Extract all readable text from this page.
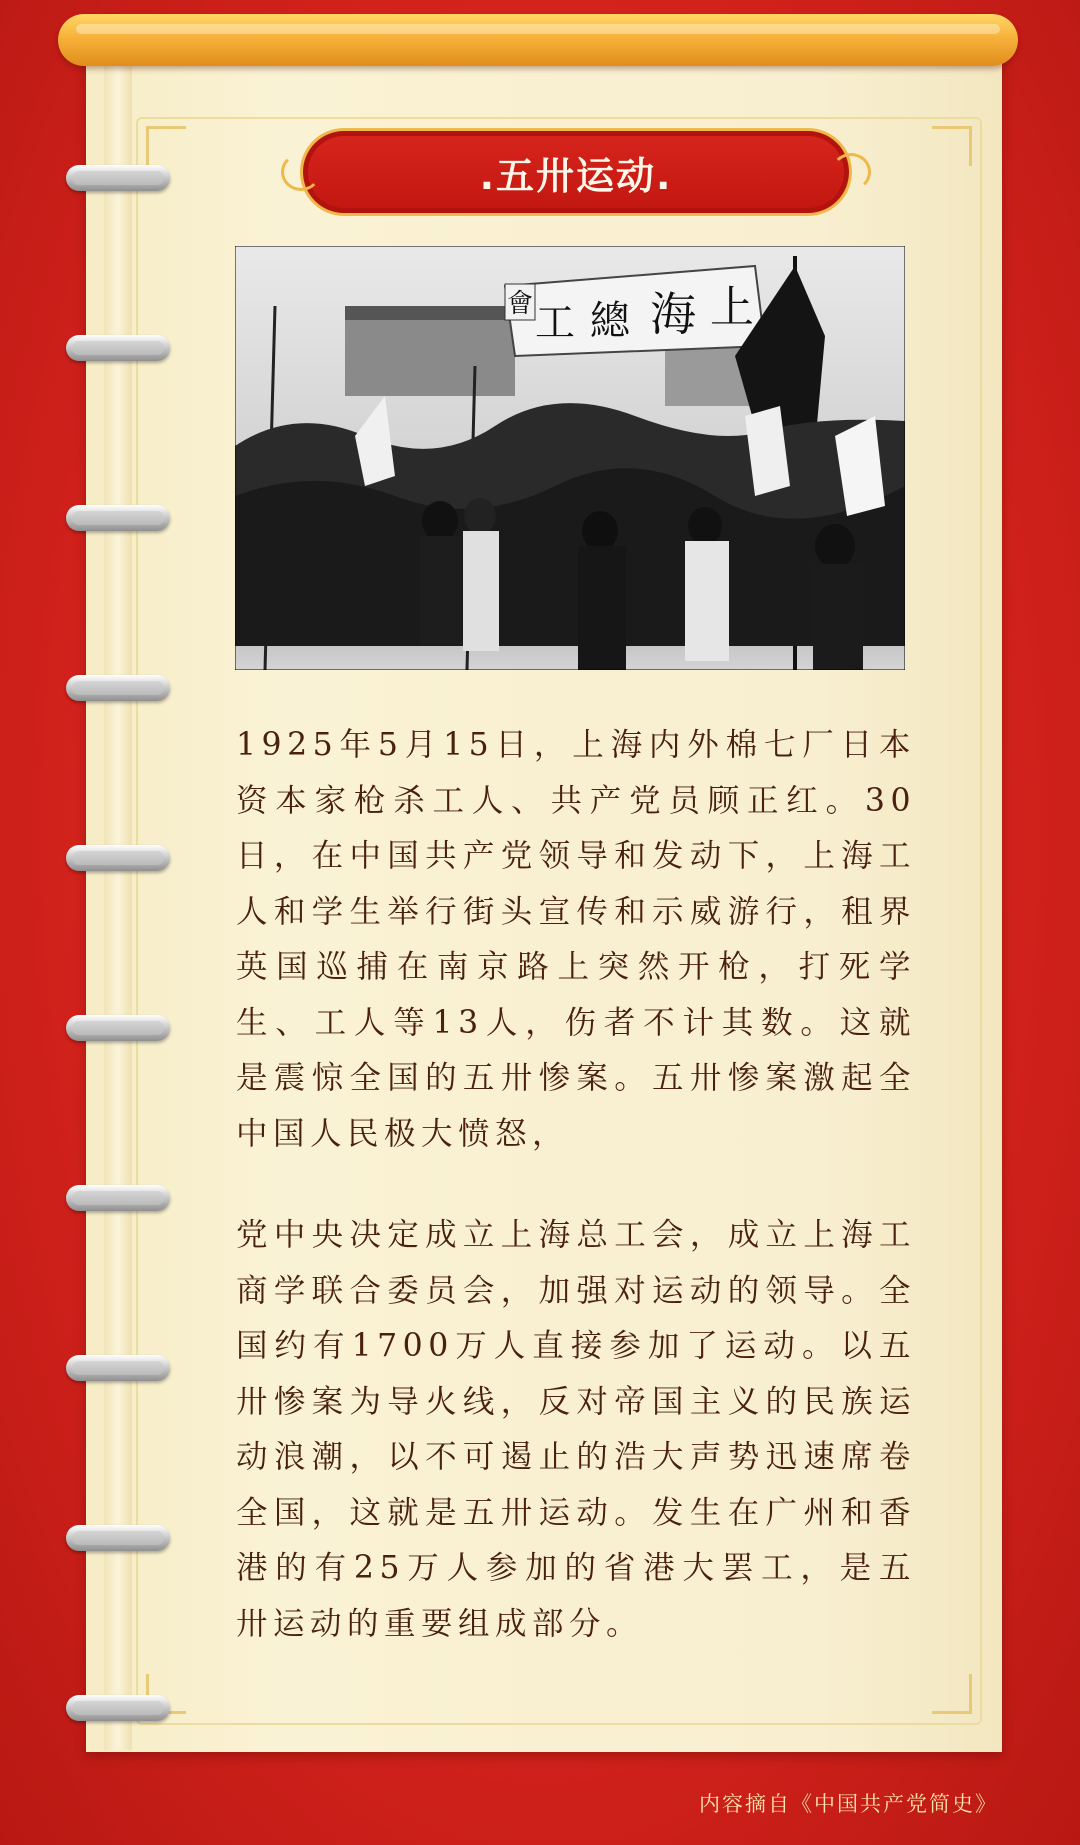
.五卅运动.
工 總 海 上
會

1925年5月15日，上海内外棉七厂日本资本家枪杀工人、共产党员顾正红。30日，在中国共产党领导和发动下，上海工人和学生举行街头宣传和示威游行，租界英国巡捕在南京路上突然开枪，打死学生、工人等13人，伤者不计其数。这就是震惊全国的五卅惨案。五卅惨案激起全中国人民极大愤怒，

党中央决定成立上海总工会，成立上海工商学联合委员会，加强对运动的领导。全国约有1700万人直接参加了运动。以五卅惨案为导火线，反对帝国主义的民族运动浪潮，以不可遏止的浩大声势迅速席卷全国，这就是五卅运动。发生在广州和香港的有25万人参加的省港大罢工，是五卅运动的重要组成部分。

内容摘自《中国共产党简史》
